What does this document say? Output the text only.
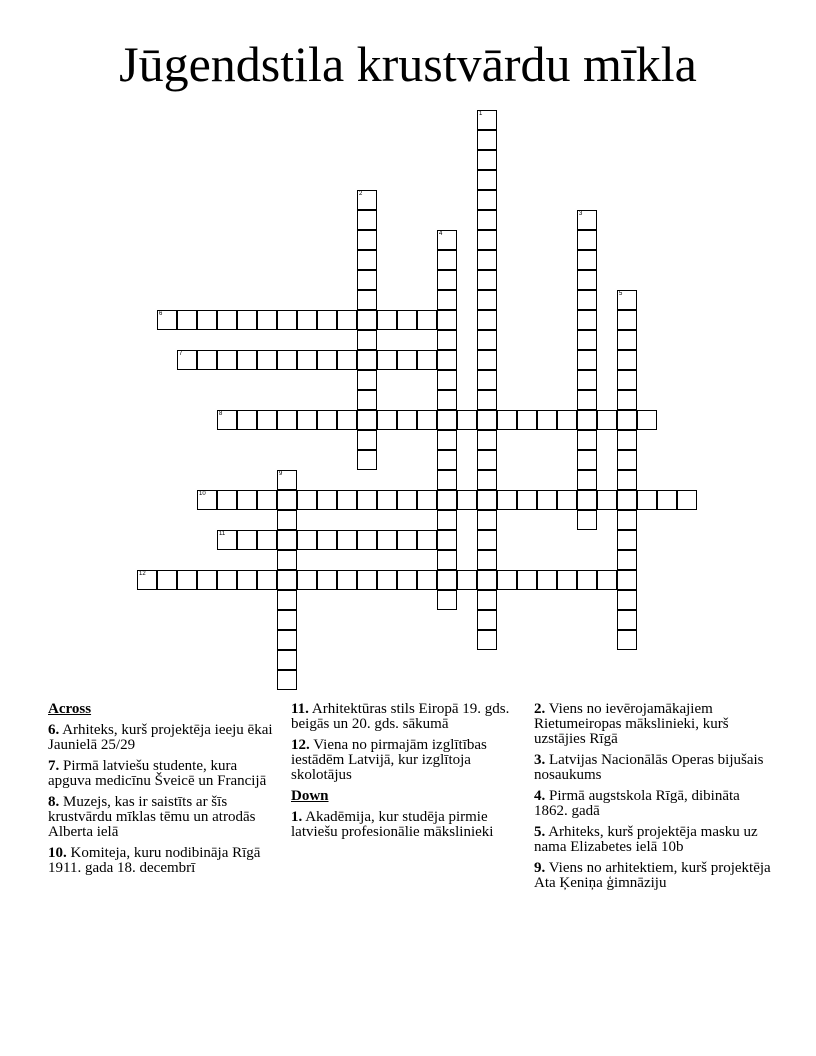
Jūgendstila krustvārdu mīkla
1
2
3
4
5
6
7
8
9
10
11
12
Across
6. Arhiteks, kurš projektēja ieeju ēkai Jaunielā 25/29
7. Pirmā latviešu studente, kura apguva medicīnu Šveicē un Francijā
8. Muzejs, kas ir saistīts ar šīs krustvārdu mīklas tēmu un atrodās Alberta ielā
10. Komiteja, kuru nodibināja Rīgā 1911. gada 18. decembrī
11. Arhitektūras stils Eiropā 19. gds. beigās un 20. gds. sākumā
12. Viena no pirmajām izglītības iestādēm Latvijā, kur izglītoja skolotājus
Down
1. Akadēmija, kur studēja pirmie latviešu profesionālie mākslinieki
2. Viens no ievērojamākajiem Rietumeiropas mākslinieki, kurš uzstājies Rīgā
3. Latvijas Nacionālās Operas bijušais nosaukums
4. Pirmā augstskola Rīgā, dibināta 1862. gadā
5. Arhiteks, kurš projektēja masku uz nama Elizabetes ielā 10b
9. Viens no arhitektiem, kurš projektēja Ata Ķeniņa ģimnāziju
